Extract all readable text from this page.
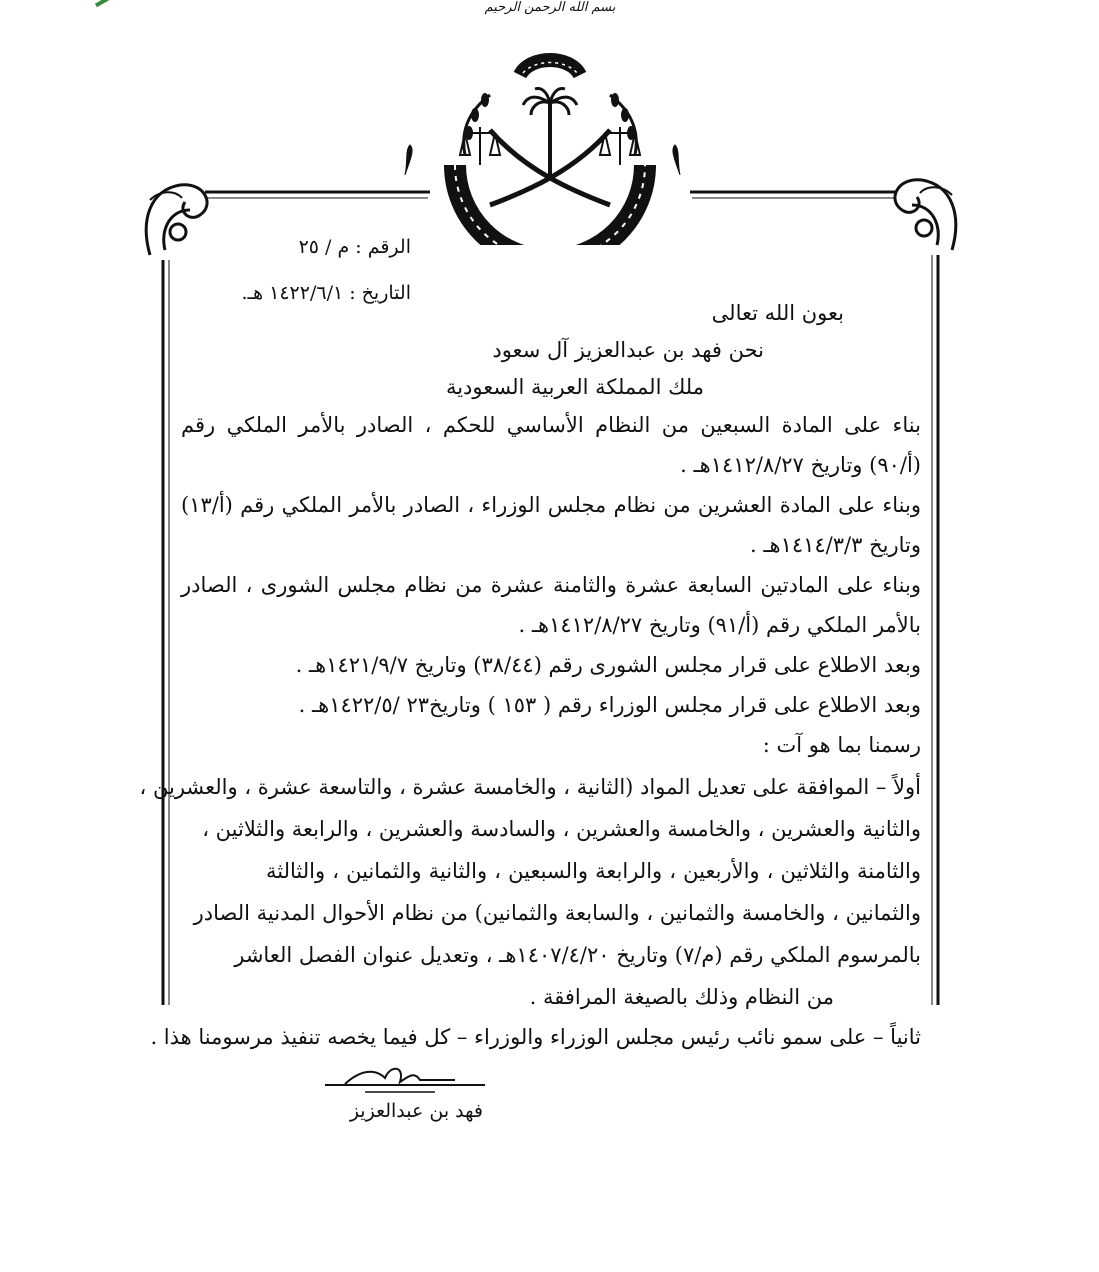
بسم الله الرحمن الرحيم
الرقم : م / ٢٥
التاريخ : ١٤٢٢/٦/١ هـ.
بعون الله تعالى
نحن فهد بن عبدالعزيز آل سعود
ملك المملكة العربية السعودية
بناء على المادة السبعين من النظام الأساسي للحكم ، الصادر بالأمر الملكي رقم
(أ/٩٠) وتاريخ ١٤١٢/٨/٢٧هـ .
وبناء على المادة العشرين من نظام مجلس الوزراء ، الصادر بالأمر الملكي رقم (أ/١٣)
وتاريخ ١٤١٤/٣/٣هـ .
وبناء على المادتين السابعة عشرة والثامنة عشرة من نظام مجلس الشورى ، الصادر
بالأمر الملكي رقم (أ/٩١) وتاريخ ١٤١٢/٨/٢٧هـ .
وبعد الاطلاع على قرار مجلس الشورى رقم (٣٨/٤٤) وتاريخ ١٤٢١/٩/٧هـ .
وبعد الاطلاع على قرار مجلس الوزراء رقم ( ١٥٣ ) وتاريخ٢٣ /١٤٢٢/٥هـ .
رسمنا بما هو آت :
أولاً – الموافقة على تعديل المواد (الثانية ، والخامسة عشرة ، والتاسعة عشرة ، والعشرين ،
والثانية والعشرين ، والخامسة والعشرين ، والسادسة والعشرين ، والرابعة والثلاثين ،
والثامنة والثلاثين ، والأربعين ، والرابعة والسبعين ، والثانية والثمانين ، والثالثة
والثمانين ، والخامسة والثمانين ، والسابعة والثمانين) من نظام الأحوال المدنية الصادر
بالمرسوم الملكي رقم (م/٧) وتاريخ ١٤٠٧/٤/٢٠هـ ، وتعديل عنوان الفصل العاشر
من النظام وذلك بالصيغة المرافقة .
ثانياً – على سمو نائب رئيس مجلس الوزراء والوزراء – كل فيما يخصه تنفيذ مرسومنا هذا .
فهد بن عبدالعزيز
